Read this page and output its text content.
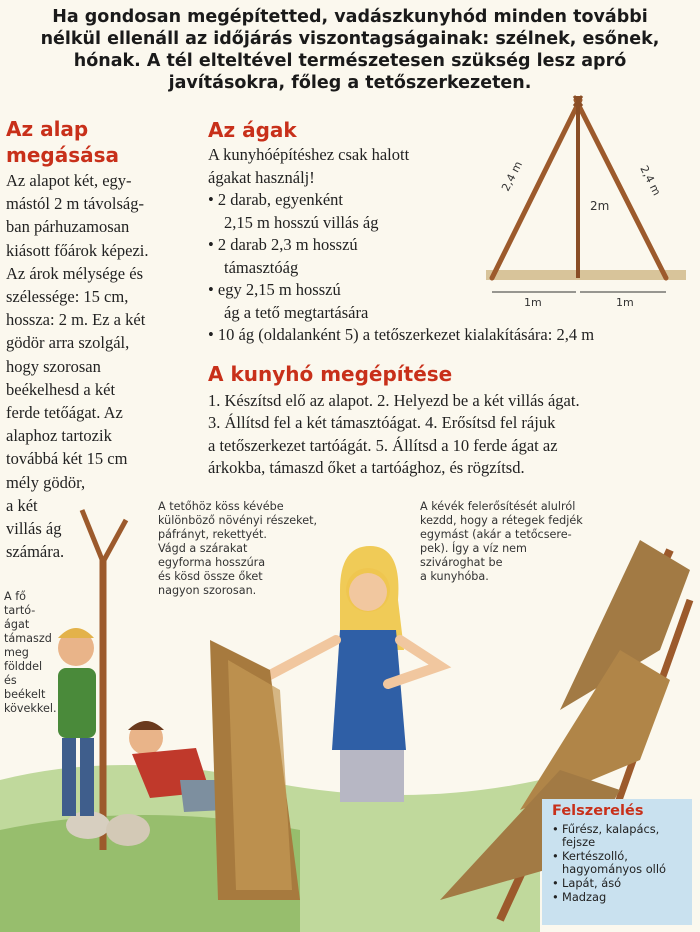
Ha gondosan megépítetted, vadászkunyhód minden további
nélkül ellenáll az időjárás viszontagságainak: szélnek, esőnek,
hónak. A tél elteltével természetesen szükség lesz apró
javításokra, főleg a tetőszerkezeten.
Az alap
megásása
Az alapot két, egy-
mástól 2 m távolság-
ban párhuzamosan
kiásott főárok képezi.
Az árok mélysége és
szélessége: 15 cm,
hossza: 2 m. Ez a két
gödör arra szolgál,
hogy szorosan
beékelhesd a két
ferde tetőágat. Az
alaphoz tartozik
továbbá két 15 cm
mély gödör,
a két
villás ág
számára.
Az ágak
A kunyhóépítéshez csak halott
ágakat használj!
• 2 darab, egyenként
2,15 m hosszú villás ág
• 2 darab 2,3 m hosszú
támasztóág
• egy 2,15 m hosszú
ág a tető megtartására
• 10 ág (oldalanként 5) a tetőszerkezet kialakítására: 2,4 m
2,4 m	2,4 m
2m
1m	1m
A kunyhó megépítése
1. Készítsd elő az alapot. 2. Helyezd be a két villás ágat.
3. Állítsd fel a két támasztóágat. 4. Erősítsd fel rájuk
a tetőszerkezet tartóágát. 5. Állítsd a 10 ferde ágat az
árkokba, támaszd őket a tartóághoz, és rögzítsd.
A fő
tartó-
ágat
támaszd
meg
földdel
és
beékelt
kövekkel.
A tetőhöz köss kévébe
különböző növényi részeket,
páfrányt, rekettyét.
Vágd a szárakat
egyforma hosszúra
és kösd össze őket
nagyon szorosan.
A kévék felerősítését alulról
kezdd, hogy a rétegek fedjék
egymást (akár a tetőcsere-
pek). Így a víz nem
szivároghat be
a kunyhóba.
Felszerelés
• Fűrész, kalapács,
fejsze
• Kertészolló,
hagyományos olló
• Lapát, ásó
• Madzag
